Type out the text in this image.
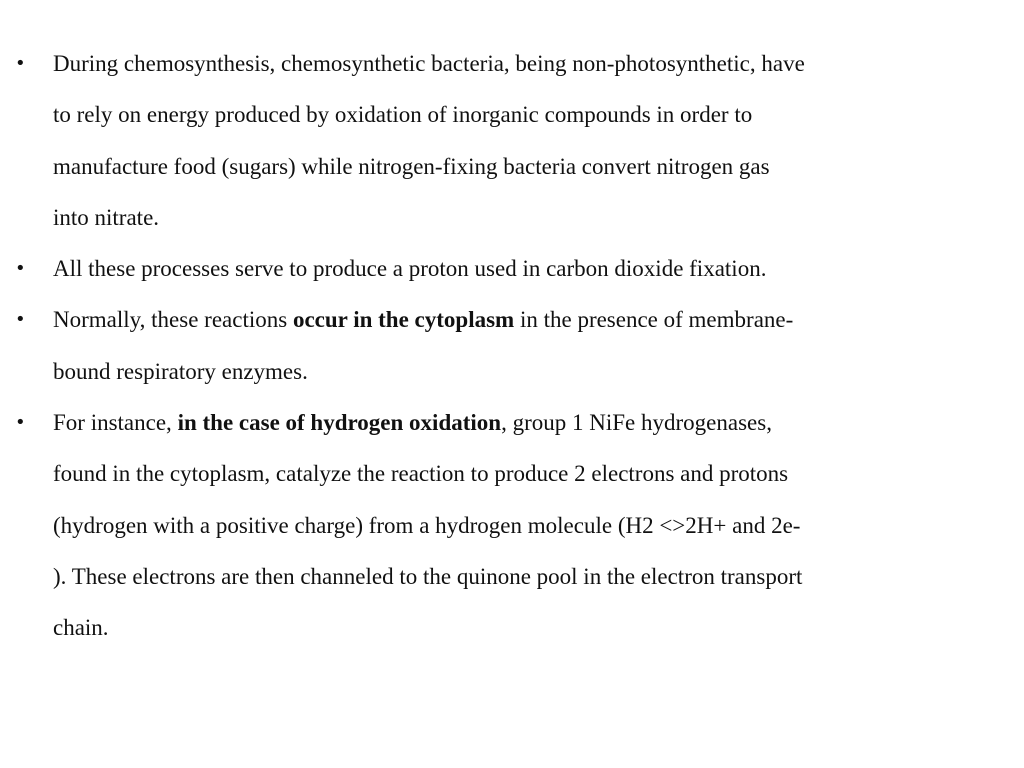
• During chemosynthesis, chemosynthetic bacteria, being non-photosynthetic, have
to rely on energy produced by oxidation of inorganic compounds in order to
manufacture food (sugars) while nitrogen-fixing bacteria convert nitrogen gas
into nitrate.
• All these processes serve to produce a proton used in carbon dioxide fixation.
• Normally, these reactions occur in the cytoplasm in the presence of membrane-
bound respiratory enzymes.
• For instance, in the case of hydrogen oxidation, group 1 NiFe hydrogenases,
found in the cytoplasm, catalyze the reaction to produce 2 electrons and protons
(hydrogen with a positive charge) from a hydrogen molecule (H2 <>2H+ and 2e-
). These electrons are then channeled to the quinone pool in the electron transport
chain.
